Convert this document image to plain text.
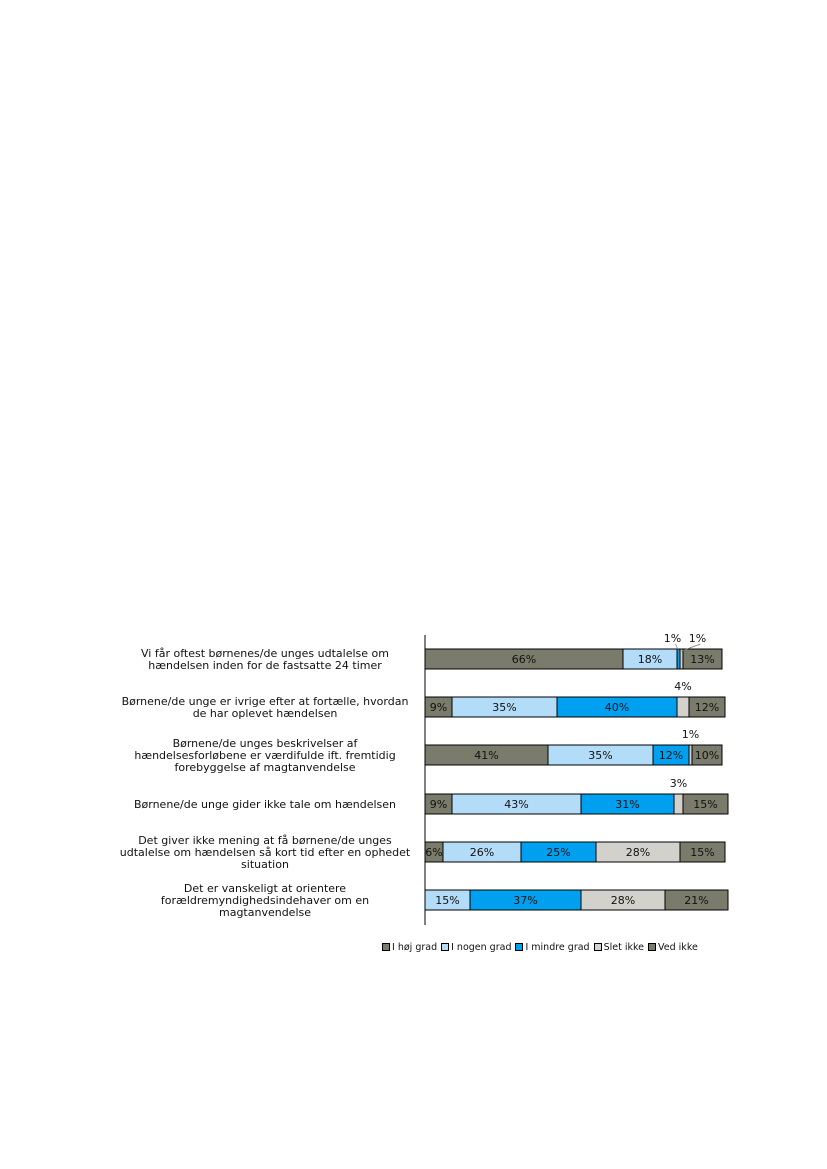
66%	18%	13%
1% 1%
9%	35%	40%	12%
4%
41%	35%	12% 10%
1%
9%	43%	31%	15%
3%
6% 26%	25%	28%	15%
15%	37%	28%	21%
Vi får oftest børnenes/de unges udtalelse om hændelsen inden for de fastsatte 24 timer
Børnene/de unge er ivrige efter at fortælle, hvordan de har oplevet hændelsen
Børnene/de unges beskrivelser af hændelsesforløbene er værdifulde ift. fremtidig forebyggelse af magtanvendelse
Børnene/de unge gider ikke tale om hændelsen
Det giver ikke mening at få børnene/de unges udtalelse om hændelsen så kort tid efter en ophedet situation
Det er vanskeligt at orientere forældremyndighedsindehaver om en magtanvendelse
I høj grad I nogen grad I mindre grad Slet ikke Ved ikke
